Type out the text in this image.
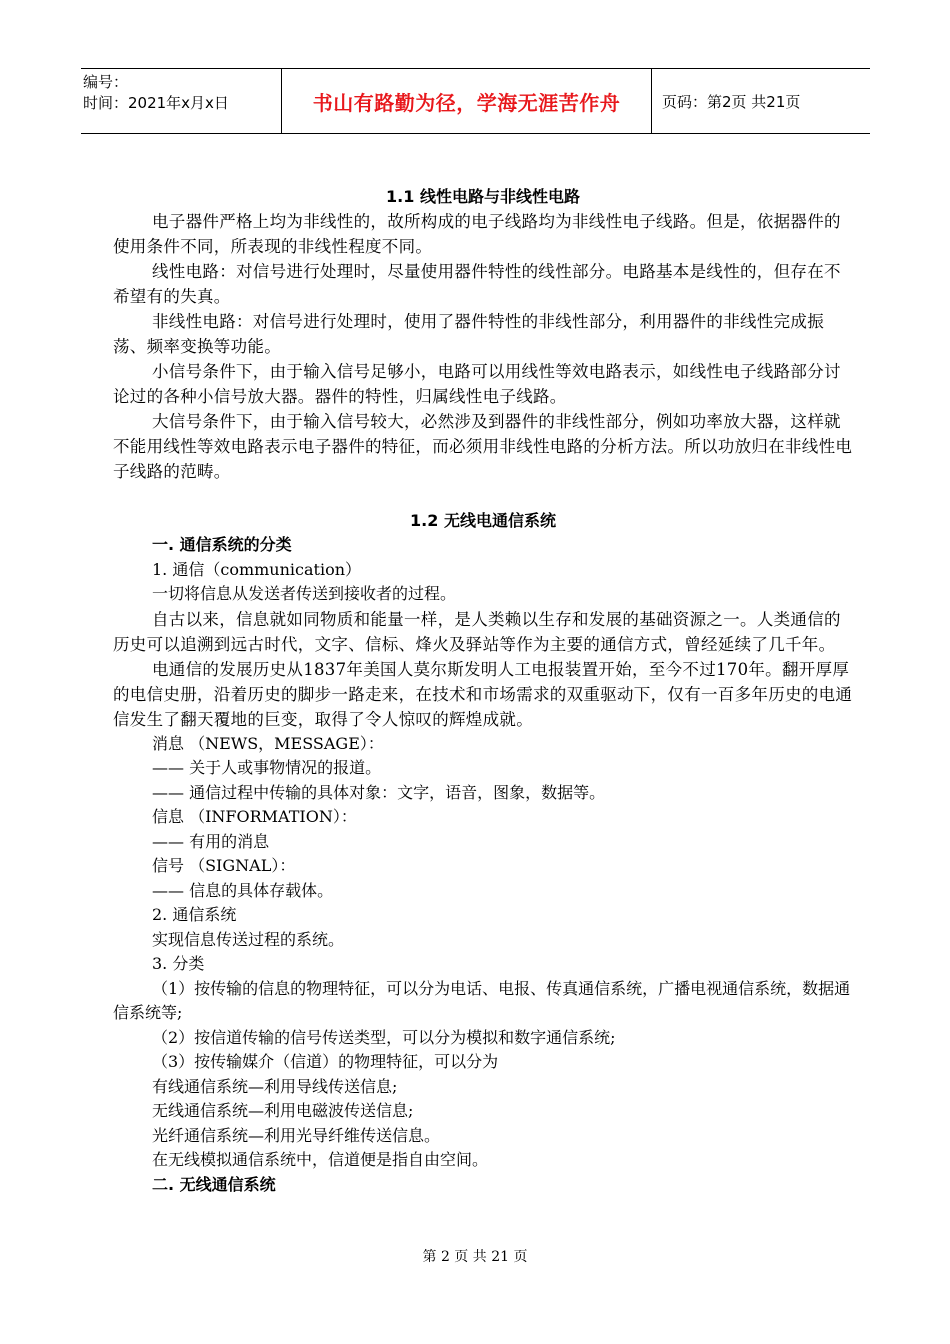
编号：
时间：2021年x月x日	书山有路勤为径，学海无涯苦作舟	页码：第2页 共21页
1.1 线性电路与非线性电路

电子器件严格上均为非线性的，故所构成的电子线路均为非线性电子线路。但是，依据器件的使用条件不同，所表现的非线性程度不同。

线性电路：对信号进行处理时，尽量使用器件特性的线性部分。电路基本是线性的，但存在不希望有的失真。

非线性电路：对信号进行处理时，使用了器件特性的非线性部分，利用器件的非线性完成振荡、频率变换等功能。

小信号条件下，由于输入信号足够小，电路可以用线性等效电路表示，如线性电子线路部分讨论过的各种小信号放大器。器件的特性，归属线性电子线路。

大信号条件下，由于输入信号较大，必然涉及到器件的非线性部分，例如功率放大器，这样就不能用线性等效电路表示电子器件的特征，而必须用非线性电路的分析方法。所以功放归在非线性电子线路的范畴。

1.2 无线电通信系统
一. 通信系统的分类
1. 通信（communication）
一切将信息从发送者传送到接收者的过程。

自古以来，信息就如同物质和能量一样，是人类赖以生存和发展的基础资源之一。人类通信的历史可以追溯到远古时代，文字、信标、烽火及驿站等作为主要的通信方式，曾经延续了几千年。

电通信的发展历史从1837年美国人莫尔斯发明人工电报装置开始，至今不过170年。翻开厚厚的电信史册，沿着历史的脚步一路走来，在技术和市场需求的双重驱动下，仅有一百多年历史的电通信发生了翻天覆地的巨变，取得了令人惊叹的辉煌成就。

消息 （NEWS，MESSAGE）：
—— 关于人或事物情况的报道。
—— 通信过程中传输的具体对象：文字，语音，图象，数据等。
信息 （INFORMATION）：
—— 有用的消息
信号 （SIGNAL）：
—— 信息的具体存载体。
2. 通信系统
实现信息传送过程的系统。
3. 分类

（1）按传输的信息的物理特征，可以分为电话、电报、传真通信系统，广播电视通信系统，数据通信系统等;

（2）按信道传输的信号传送类型，可以分为模拟和数字通信系统;
（3）按传输媒介（信道）的物理特征，可以分为
有线通信系统—利用导线传送信息;
无线通信系统—利用电磁波传送信息;
光纤通信系统—利用光导纤维传送信息。
在无线模拟通信系统中，信道便是指自由空间。
二. 无线通信系统
第 2 页 共 21 页
